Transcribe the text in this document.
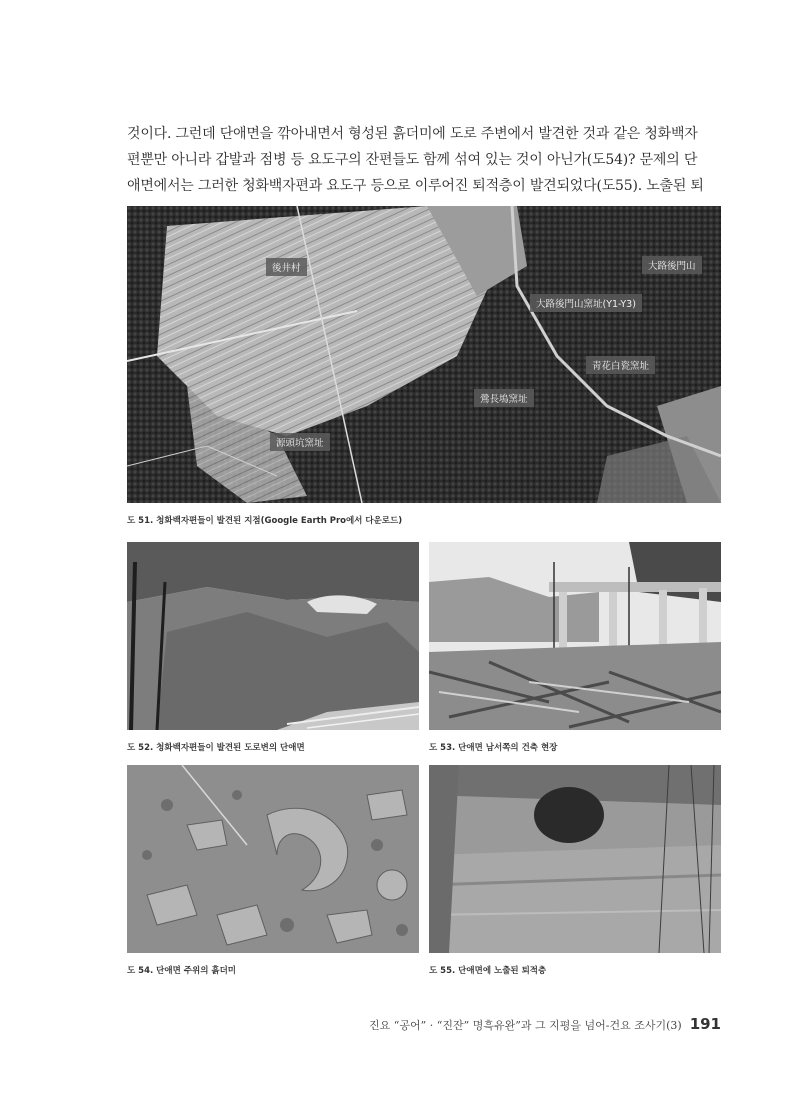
것이다. 그런데 단애면을 깎아내면서 형성된 흙더미에 도로 주변에서 발견한 것과 같은 청화백자
편뿐만 아니라 갑발과 점병 등 요도구의 잔편들도 함께 섞여 있는 것이 아닌가(도54)? 문제의 단
애면에서는 그러한 청화백자편과 요도구 등으로 이루어진 퇴적층이 발견되었다(도55). 노출된 퇴

後井村	大路後門山
大路後門山窯址(Y1-Y3)
靑花白瓷窯址
鶯長塢窯址
源頭坑窯址
도 51. 청화백자편들이 발견된 지점(Google Earth Pro에서 다운로드)
도 52. 청화백자편들이 발견된 도로변의 단애면	도 53. 단애면 남서쪽의 건축 현장
도 54. 단애면 주위의 흙더미	도 55. 단애면에 노출된 퇴적층
진요 “공어” · “진잔” 명흑유완”과 그 지평을 넘어-건요 조사기(3) 191
